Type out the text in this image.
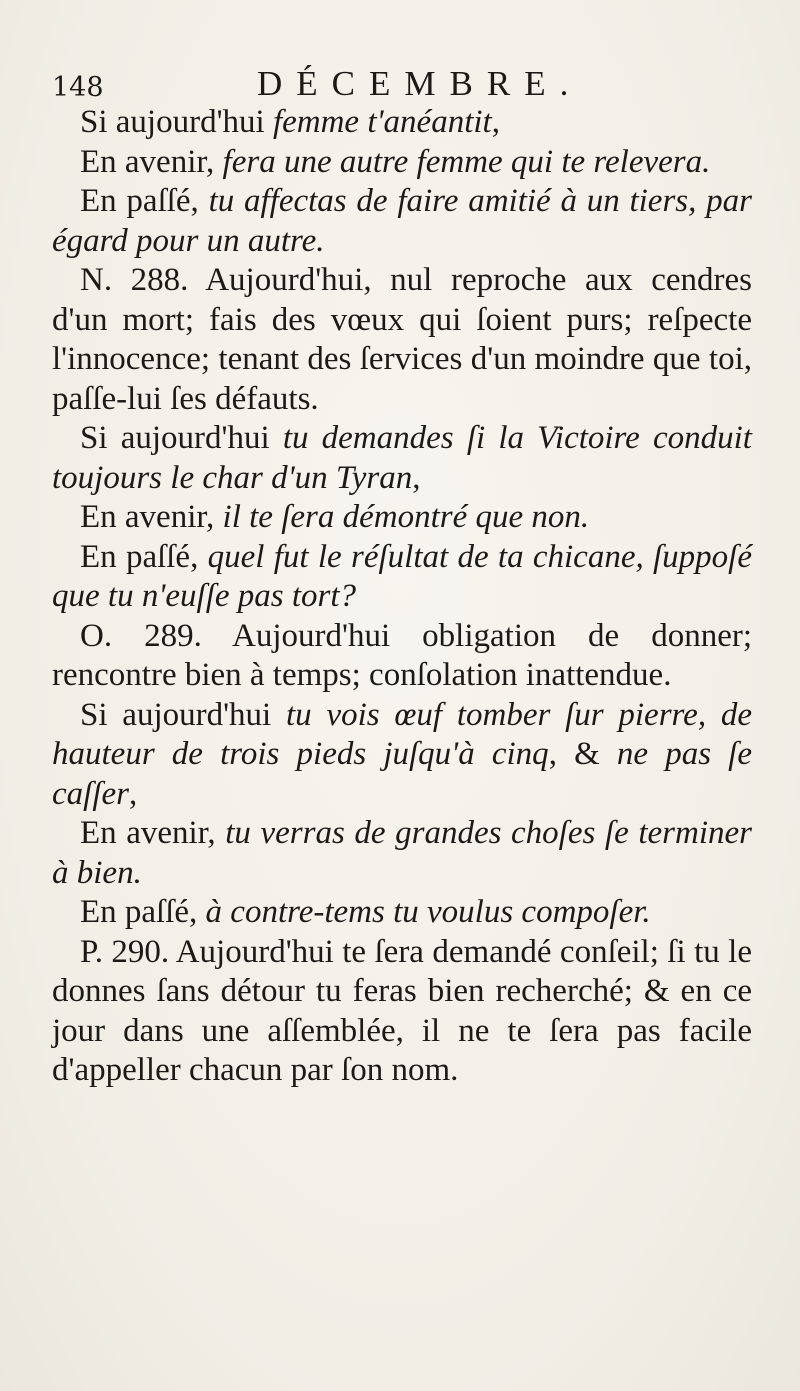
148	DÉCEMBRE.

Si aujourd'hui femme t'anéantit,

En avenir, fera une autre femme qui te relevera.

En paſſé, tu affectas de faire amitié à un tiers, par égard pour un autre.

N. 288. Aujourd'hui, nul reproche aux cendres d'un mort; fais des vœux qui ſoient purs; reſpecte l'innocence; tenant des ſervices d'un moindre que toi, paſſe-lui ſes défauts.

Si aujourd'hui tu demandes ſi la Victoire conduit toujours le char d'un Tyran,

En avenir, il te ſera démontré que non.

En paſſé, quel fut le réſultat de ta chicane, ſuppoſé que tu n'euſſe pas tort?

O. 289. Aujourd'hui obligation de donner; rencontre bien à temps; conſolation inattendue.

Si aujourd'hui tu vois œuf tomber ſur pierre, de hauteur de trois pieds juſqu'à cinq, & ne pas ſe caſſer,

En avenir, tu verras de grandes choſes ſe terminer à bien.

En paſſé, à contre-tems tu voulus compoſer.

P. 290. Aujourd'hui te ſera demandé conſeil; ſi tu le donnes ſans détour tu feras bien recherché; & en ce jour dans une aſſemblée, il ne te ſera pas facile d'appeller chacun par ſon nom.
